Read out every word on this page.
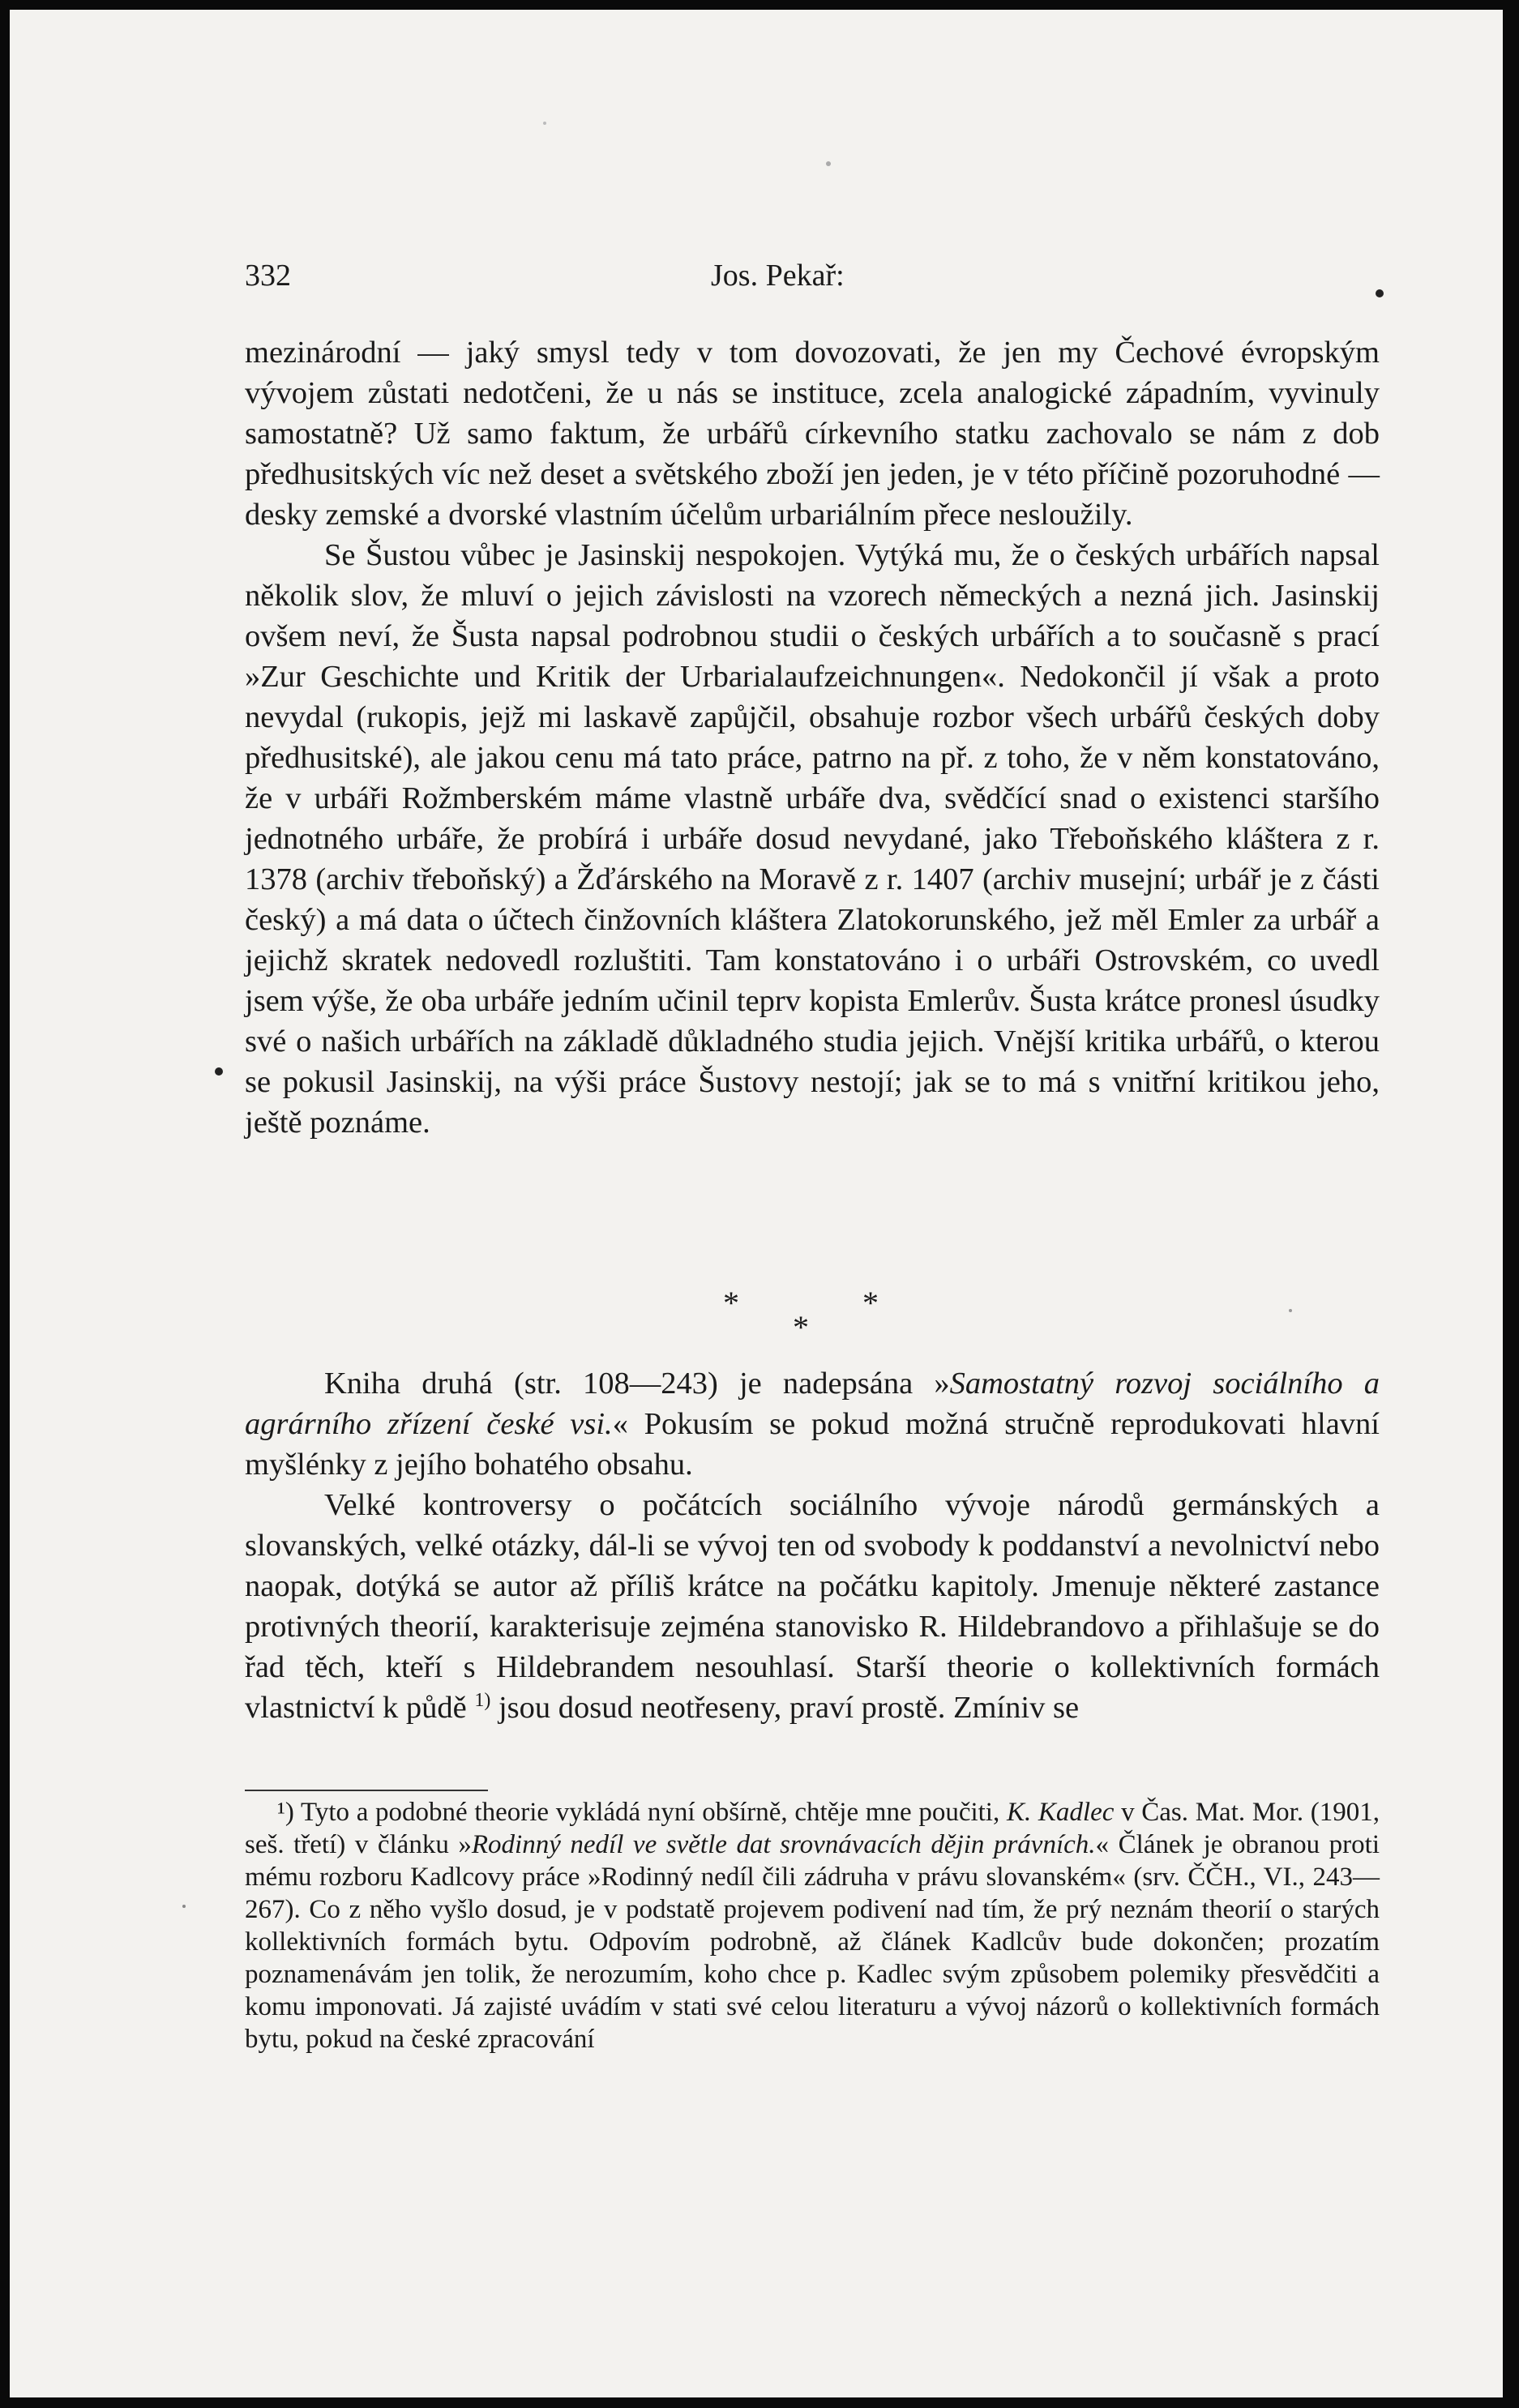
332	Jos. Pekař:

mezinárodní — jaký smysl tedy v tom dovozovati, že jen my Čechové évropským vývojem zůstati nedotčeni, že u nás se instituce, zcela analogické západním, vyvinuly samostatně? Už samo faktum, že urbářů církevního statku zachovalo se nám z dob předhusitských víc než deset a světského zboží jen jeden, je v této příčině pozoruhodné — desky zemské a dvorské vlastním účelům urbariálním přece nesloužily.

Se Šustou vůbec je Jasinskij nespokojen. Vytýká mu, že o českých urbářích napsal několik slov, že mluví o jejich závislosti na vzorech německých a nezná jich. Jasinskij ovšem neví, že Šusta napsal podrobnou studii o českých urbářích a to současně s prací »Zur Geschichte und Kritik der Urbarialaufzeichnungen«. Nedokončil jí však a proto nevydal (rukopis, jejž mi laskavě zapůjčil, obsahuje rozbor všech urbářů českých doby předhusitské), ale jakou cenu má tato práce, patrno na př. z toho, že v něm konstatováno, že v urbáři Rožmberském máme vlastně urbáře dva, svědčící snad o existenci staršího jednotného urbáře, že probírá i urbáře dosud nevydané, jako Třeboňského kláštera z r. 1378 (archiv třeboňský) a Žďárského na Moravě z r. 1407 (archiv musejní; urbář je z části český) a má data o účtech činžovních kláštera Zlatokorunského, jež měl Emler za urbář a jejichž skratek nedovedl rozluštiti. Tam konstatováno i o urbáři Ostrovském, co uvedl jsem výše, že oba urbáře jedním učinil teprv kopista Emlerův. Šusta krátce pronesl úsudky své o našich urbářích na základě důkladného studia jejich. Vnější kritika urbářů, o kterou se pokusil Jasinskij, na výši práce Šustovy nestojí; jak se to má s vnitřní kritikou jeho, ještě poznáme.

*	*
*

Kniha druhá (str. 108—243) je nadepsána »Samostatný rozvoj sociálního a agrárního zřízení české vsi.« Pokusím se pokud možná stručně reprodukovati hlavní myšlénky z jejího bohatého obsahu.

Velké kontroversy o počátcích sociálního vývoje národů germánských a slovanských, velké otázky, dál-li se vývoj ten od svobody k poddanství a nevolnictví nebo naopak, dotýká se autor až příliš krátce na počátku kapitoly. Jmenuje některé zastance protivných theorií, karakterisuje zejména stanovisko R. Hildebrandovo a přihlašuje se do řad těch, kteří s Hildebrandem nesouhlasí. Starší theorie o kollektivních formách vlastnictví k půdě $^{1)}$ jsou dosud neotřeseny, praví prostě. Zmíniv se

¹) Tyto a podobné theorie vykládá nyní obšírně, chtěje mne poučiti, K. Kadlec v Čas. Mat. Mor. (1901, seš. třetí) v článku »Rodinný nedíl ve světle dat srovnávacích dějin právních.« Článek je obranou proti mému rozboru Kadlcovy práce »Rodinný nedíl čili zádruha v právu slovanském« (srv. ČČH., VI., 243—267). Co z něho vyšlo dosud, je v podstatě projevem podivení nad tím, že prý neznám theorií o starých kollektivních formách bytu. Odpovím podrobně, až článek Kadlcův bude dokončen; prozatím poznamenávám jen tolik, že nerozumím, koho chce p. Kadlec svým způsobem polemiky přesvědčiti a komu imponovati. Já zajisté uvádím v stati své celou literaturu a vývoj názorů o kollektivních formách bytu, pokud na české zpracování
